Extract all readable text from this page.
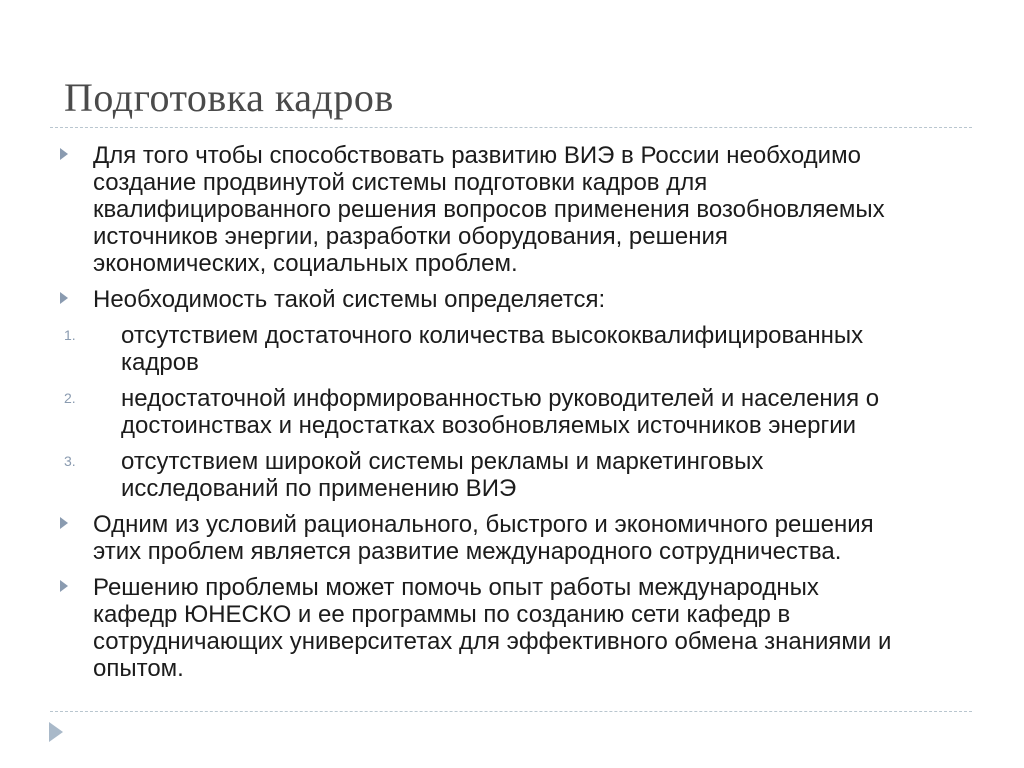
Подготовка кадров
Для того чтобы способствовать развитию ВИЭ в России необходимо
создание продвинутой системы подготовки кадров для
квалифицированного решения вопросов применения возобновляемых
источников энергии, разработки оборудования, решения
экономических, социальных проблем.
Необходимость такой системы определяется:
1. отсутствием достаточного количества высококвалифицированных
кадров
2. недостаточной информированностью руководителей и населения о
достоинствах и недостатках возобновляемых источников энергии
3. отсутствием широкой системы рекламы и маркетинговых
исследований по применению ВИЭ
Одним из условий рационального, быстрого и экономичного решения
этих проблем является развитие международного сотрудничества.
Решению проблемы может помочь опыт работы международных
кафедр ЮНЕСКО и ее программы по созданию сети кафедр в
сотрудничающих университетах для эффективного обмена знаниями и
опытом.
